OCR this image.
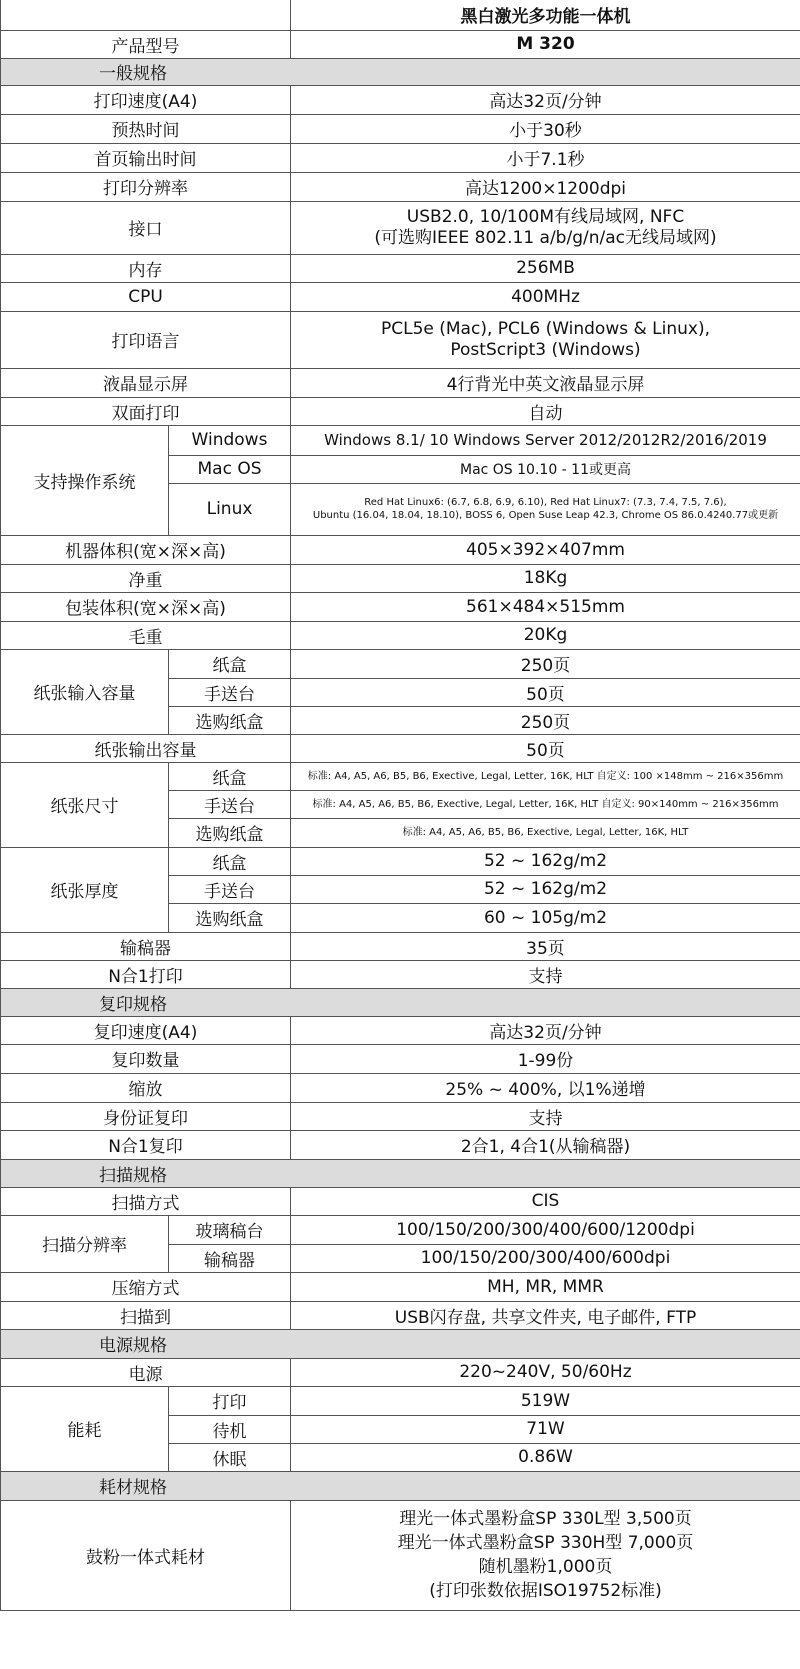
		黑白激光多功能一体机
产品型号		M 320
一般规格		
打印速度(A4)		高达32页/分钟
预热时间		小于30秒
首页输出时间		小于7.1秒
打印分辨率		高达1200×1200dpi
接口		USB2.0, 10/100M有线局域网, NFC
(可选购IEEE 802.11 a/b/g/n/ac无线局域网)

内存		256MB
CPU		400MHz
打印语言		PCL5e (Mac), PCL6 (Windows & Linux),
PostScript3 (Windows)

液晶显示屏		4行背光中英文液晶显示屏
双面打印		自动
支持操作系统	Windows	Windows 8.1/ 10 Windows Server 2012/2012R2/2016/2019
	Mac OS	Mac OS 10.10 - 11或更高
	Linux	Red Hat Linux6: (6.7, 6.8, 6.9, 6.10), Red Hat Linux7: (7.3, 7.4, 7.5, 7.6),
Ubuntu (16.04, 18.04, 18.10), BOSS 6, Open Suse Leap 42.3, Chrome OS 86.0.4240.77或更新

机器体积(宽×深×高)		405×392×407mm
净重		18Kg
包装体积(宽×深×高)		561×484×515mm
毛重		20Kg
纸张输入容量	纸盒	250页
	手送台	50页
	选购纸盒	250页
纸张输出容量		50页
纸张尺寸	纸盒	标准: A4, A5, A6, B5, B6, Exective, Legal, Letter, 16K, HLT 自定义: 100 ×148mm ~ 216×356mm
	手送台	标准: A4, A5, A6, B5, B6, Exective, Legal, Letter, 16K, HLT 自定义: 90×140mm ~ 216×356mm
	选购纸盒	标准: A4, A5, A6, B5, B6, Exective, Legal, Letter, 16K, HLT
纸张厚度	纸盒	52 ~ 162g/m2
	手送台	52 ~ 162g/m2
	选购纸盒	60 ~ 105g/m2
输稿器		35页
N合1打印		支持
复印规格		
复印速度(A4)		高达32页/分钟
复印数量		1-99份
缩放		25% ~ 400%, 以1%递增
身份证复印		支持
N合1复印		2合1, 4合1(从输稿器)
扫描规格		
扫描方式		CIS
扫描分辨率	玻璃稿台	100/150/200/300/400/600/1200dpi
	输稿器	100/150/200/300/400/600dpi
压缩方式		MH, MR, MMR
扫描到		USB闪存盘, 共享文件夹, 电子邮件, FTP
电源规格		
电源		220~240V, 50/60Hz
能耗	打印	519W
	待机	71W
	休眠	0.86W
耗材规格		
鼓粉一体式耗材		理光一体式墨粉盒SP 330L型 3,500页
理光一体式墨粉盒SP 330H型 7,000页
随机墨粉1,000页
(打印张数依据ISO19752标准)
